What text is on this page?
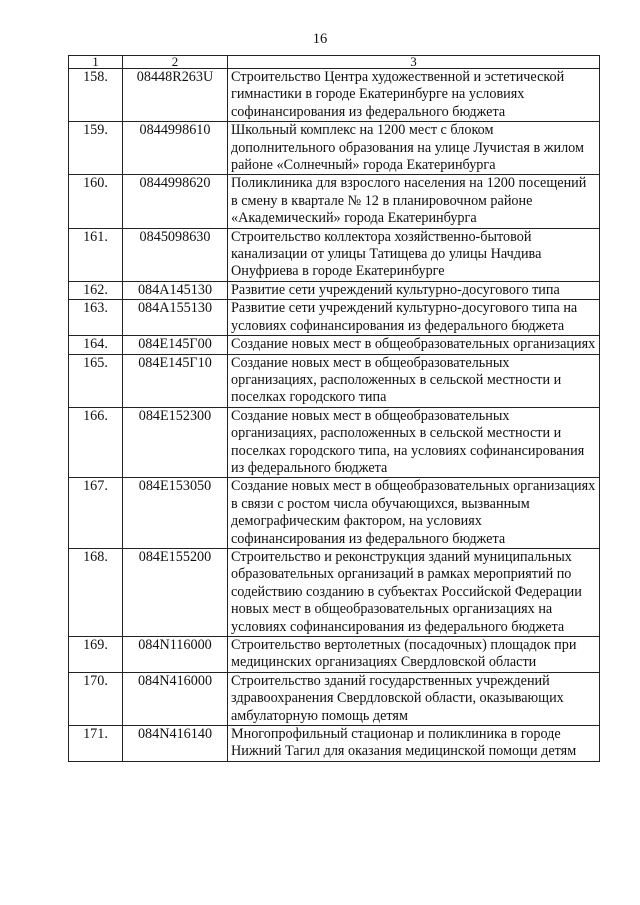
16
1	2	3
158.	08448R263U	Строительство Центра художественной и эстетической гимнастики в городе Екатеринбурге на условиях софинансирования из федерального бюджета
159.	0844998610	Школьный комплекс на 1200 мест с блоком дополнительного образования на улице Лучистая в жилом районе «Солнечный» города Екатеринбурга
160.	0844998620	Поликлиника для взрослого населения на 1200 посещений в смену в квартале № 12 в планировочном районе «Академический» города Екатеринбурга
161.	0845098630	Строительство коллектора хозяйственно-бытовой канализации от улицы Татищева до улицы Начдива Онуфриева в городе Екатеринбурге
162.	084A145130	Развитие сети учреждений культурно-досугового типа
163.	084A155130	Развитие сети учреждений культурно-досугового типа на условиях софинансирования из федерального бюджета
164.	084E145Г00	Создание новых мест в общеобразовательных организациях
165.	084E145Г10	Создание новых мест в общеобразовательных организациях, расположенных в сельской местности и поселках городского типа
166.	084E152300	Создание новых мест в общеобразовательных организациях, расположенных в сельской местности и поселках городского типа, на условиях софинансирования из федерального бюджета
167.	084E153050	Создание новых мест в общеобразовательных организациях в связи с ростом числа обучающихся, вызванным демографическим фактором, на условиях софинансирования из федерального бюджета
168.	084E155200	Строительство и реконструкция зданий муниципальных образовательных организаций в рамках мероприятий по содействию созданию в субъектах Российской Федерации новых мест в общеобразовательных организациях на условиях софинансирования из федерального бюджета
169.	084N116000	Строительство вертолетных (посадочных) площадок при медицинских организациях Свердловской области
170.	084N416000	Строительство зданий государственных учреждений здравоохранения Свердловской области, оказывающих амбулаторную помощь детям
171.	084N416140	Многопрофильный стационар и поликлиника в городе Нижний Тагил для оказания медицинской помощи детям
